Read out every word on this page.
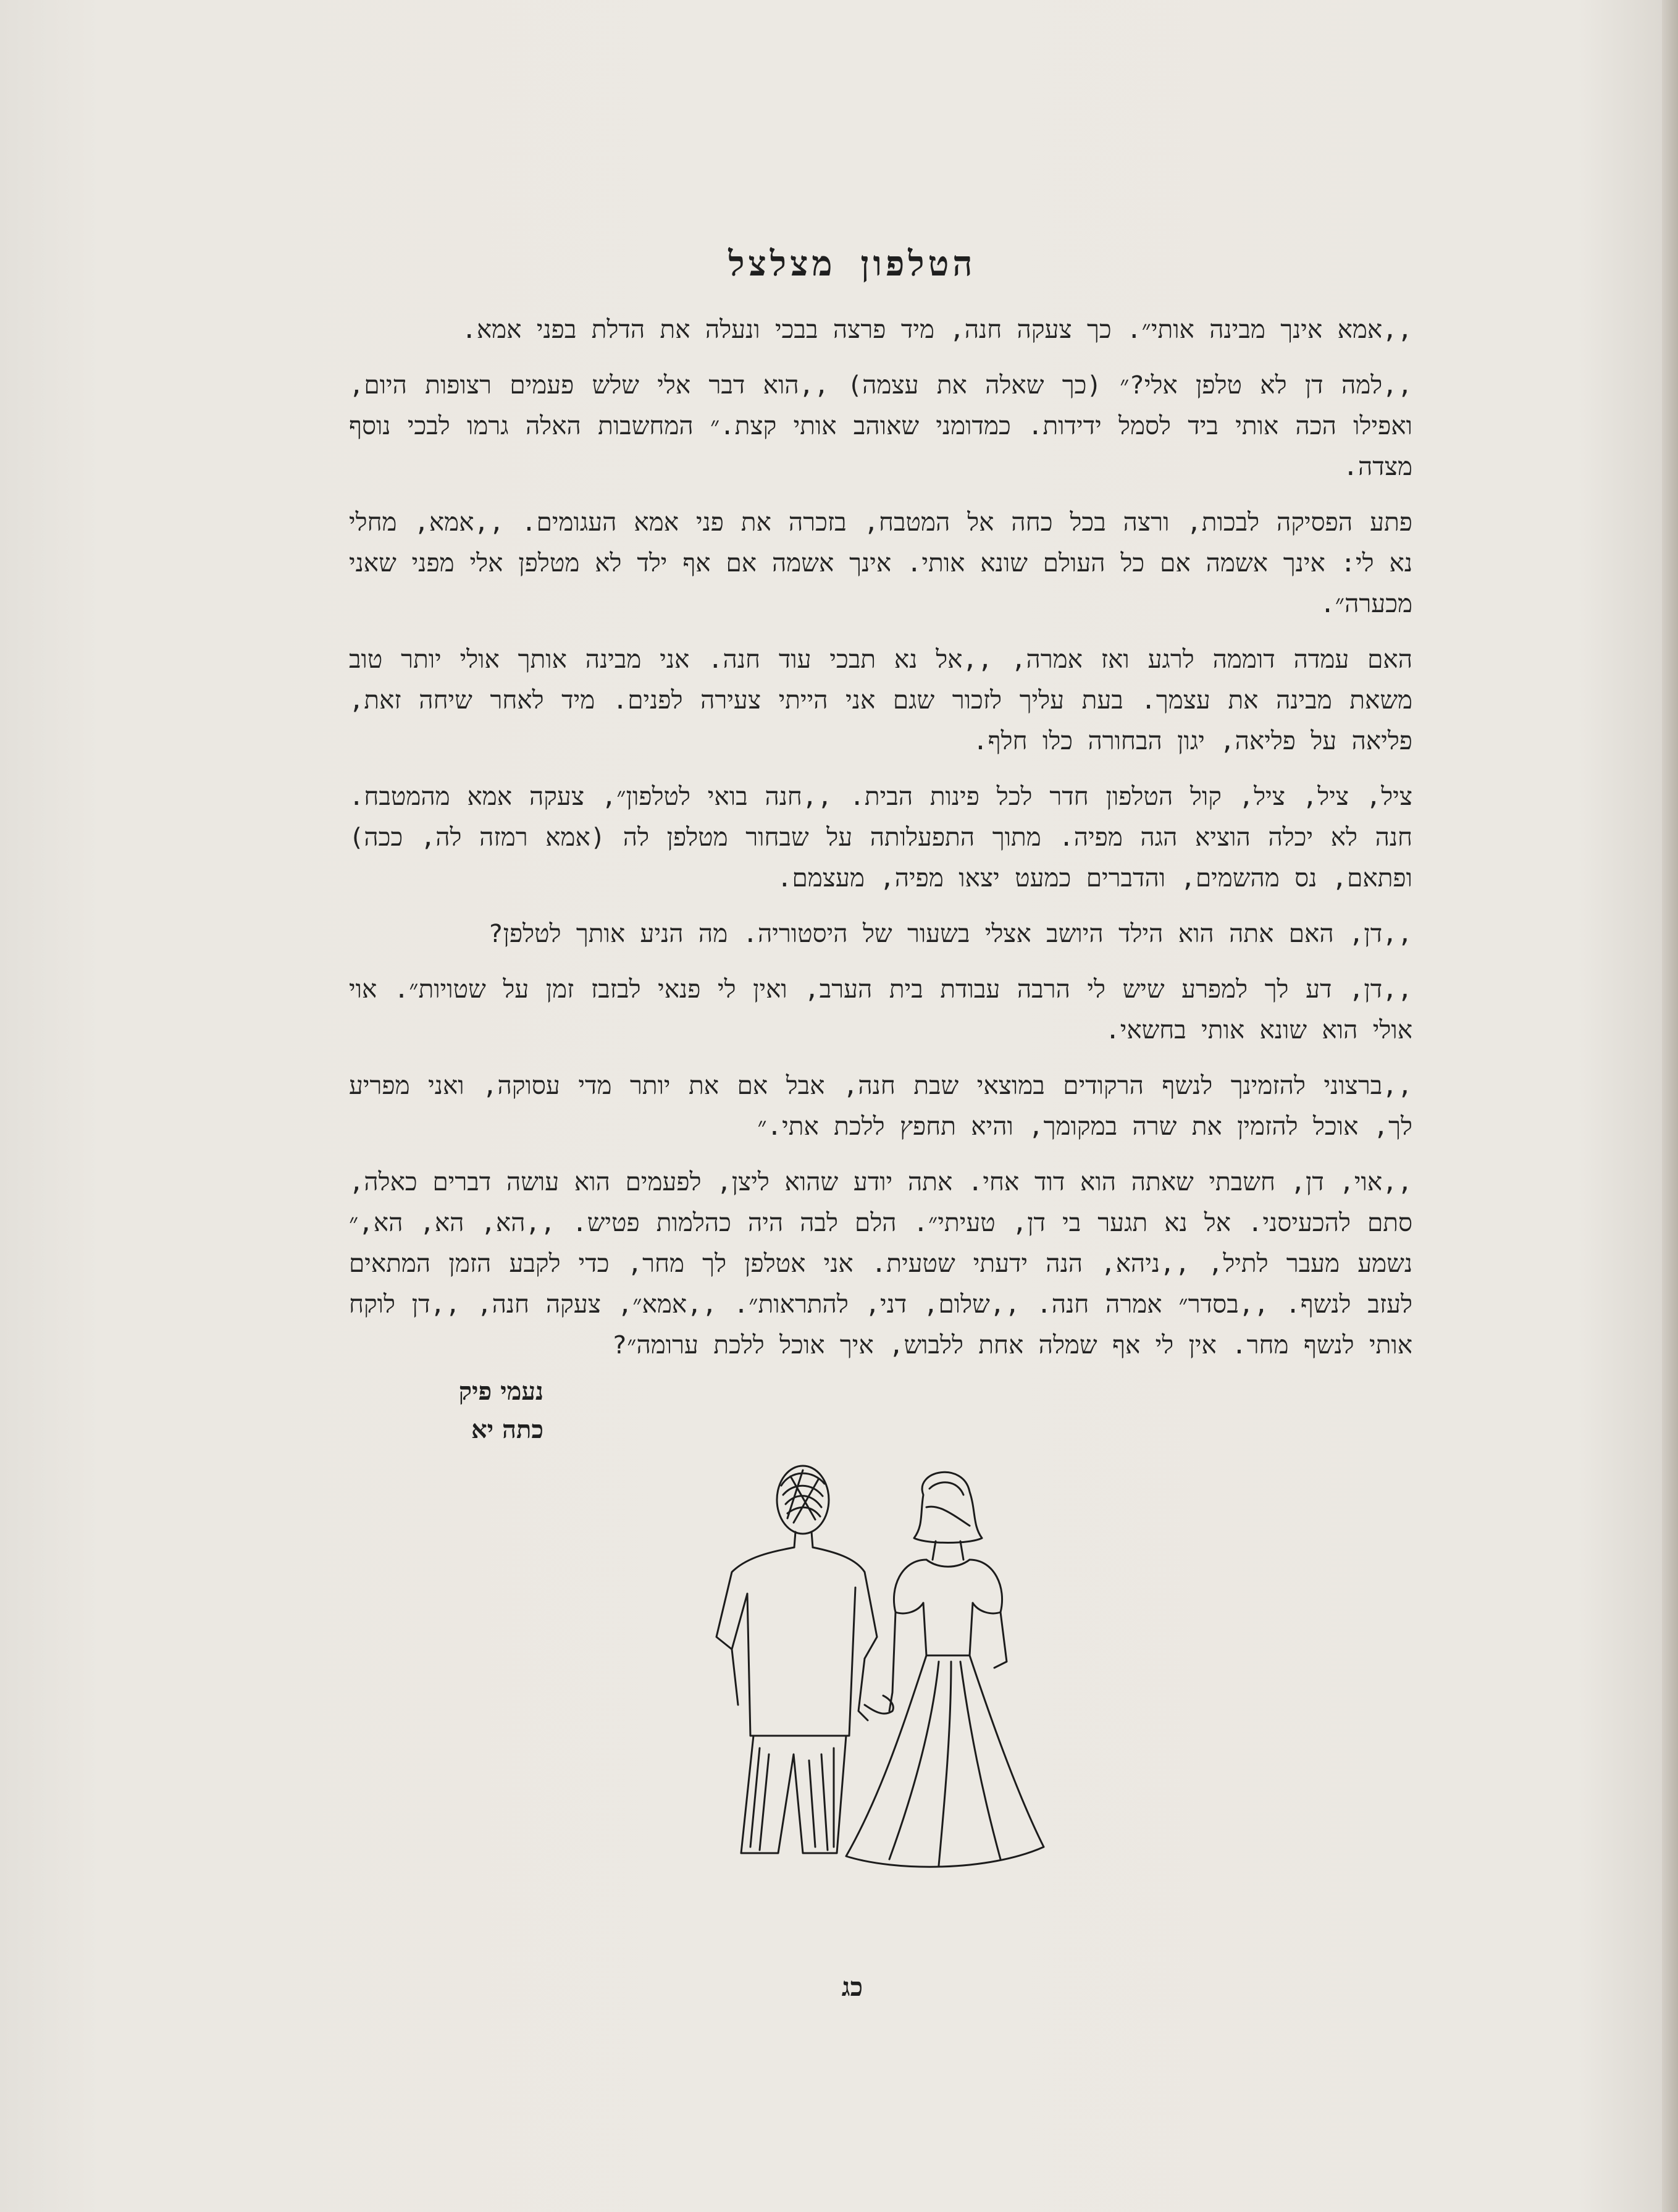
הטלפון מצלצל

,,אמא אינך מבינה אותי״. כך צעקה חנה, מיד פרצה בבכי ונעלה את הדלת בפני אמא.

,,למה דן לא טלפן אלי?״ (כך שאלה את עצמה) ,,הוא דבר אלי שלש פעמים רצופות היום, ואפילו הכה אותי ביד לסמל ידידות. כמדומני שאוהב אותי קצת.״ המחשבות האלה גרמו לבכי נוסף מצדה.

פתע הפסיקה לבכות, ורצה בכל כחה אל המטבח, בזכרה את פני אמא העגומים. ,,אמא, מחלי נא לי: אינך אשמה אם כל העולם שונא אותי. אינך אשמה אם אף ילד לא מטלפן אלי מפני שאני מכערה״.

האם עמדה דוממה לרגע ואז אמרה, ,,אל נא תבכי עוד חנה. אני מבינה אותך אולי יותר טוב משאת מבינה את עצמך. בעת עליך לזכור שגם אני הייתי צעירה לפנים. מיד לאחר שיחה זאת, פליאה על פליאה, יגון הבחורה כלו חלף.

ציל, ציל, ציל, קול הטלפון חדר לכל פינות הבית. ,,חנה בואי לטלפון״, צעקה אמא מהמטבח. חנה לא יכלה הוציא הגה מפיה. מתוך התפעלותה על שבחור מטלפן לה (אמא רמזה לה, ככה) ופתאם, נס מהשמים, והדברים כמעט יצאו מפיה, מעצמם.

,,דן, האם אתה הוא הילד היושב אצלי בשעור של היסטוריה. מה הניע אותך לטלפן?

,,דן, דע לך למפרע שיש לי הרבה עבודת בית הערב, ואין לי פנאי לבזבז זמן על שטויות״. אוי אולי הוא שונא אותי בחשאי.

,,ברצוני להזמינך לנשף הרקודים במוצאי שבת חנה, אבל אם את יותר מדי עסוקה, ואני מפריע לך, אוכל להזמין את שרה במקומך, והיא תחפץ ללכת אתי.״

,,אוי, דן, חשבתי שאתה הוא דוד אחי. אתה יודע שהוא ליצן, לפעמים הוא עושה דברים כאלה, סתם להכעיסני. אל נא תגער בי דן, טעיתי״. הלם לבה היה כהלמות פטיש. ,,הא, הא, הא,״ נשמע מעבר לתיל, ,,ניהא, הנה ידעתי שטעית. אני אטלפן לך מחר, כדי לקבע הזמן המתאים לעזב לנשף. ,,בסדר״ אמרה חנה. ,,שלום, דני, להתראות״. ,,אמא״, צעקה חנה, ,,דן לוקח אותי לנשף מחר. אין לי אף שמלה אחת ללבוש, איך אוכל ללכת ערומה״?

נעמי פיק
כתה יא
כג
